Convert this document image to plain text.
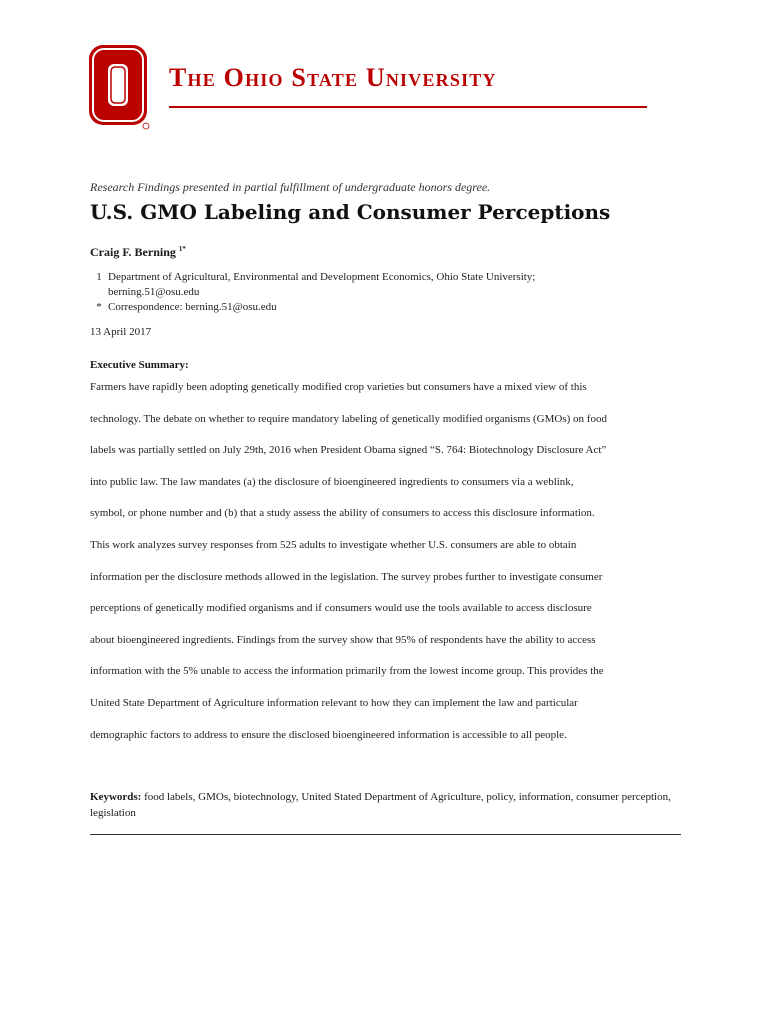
The Ohio State University
Research Findings presented in partial fulfillment of undergraduate honors degree.
U.S. GMO Labeling and Consumer Perceptions
Craig F. Berning $^{1*}$
1 Department of Agricultural, Environmental and Development Economics, Ohio State University;
berning.51@osu.edu
* Correspondence: berning.51@osu.edu
13 April 2017
Executive Summary:
Farmers have rapidly been adopting genetically modified crop varieties but consumers have a mixed view of this
technology. The debate on whether to require mandatory labeling of genetically modified organisms (GMOs) on food
labels was partially settled on July 29th, 2016 when President Obama signed “S. 764: Biotechnology Disclosure Act”
into public law. The law mandates (a) the disclosure of bioengineered ingredients to consumers via a weblink,
symbol, or phone number and (b) that a study assess the ability of consumers to access this disclosure information.
This work analyzes survey responses from 525 adults to investigate whether U.S. consumers are able to obtain
information per the disclosure methods allowed in the legislation. The survey probes further to investigate consumer
perceptions of genetically modified organisms and if consumers would use the tools available to access disclosure
about bioengineered ingredients. Findings from the survey show that 95% of respondents have the ability to access
information with the 5% unable to access the information primarily from the lowest income group. This provides the
United State Department of Agriculture information relevant to how they can implement the law and particular
demographic factors to address to ensure the disclosed bioengineered information is accessible to all people.
Keywords: food labels, GMOs, biotechnology, United Stated Department of Agriculture, policy, information, consumer perception, legislation
